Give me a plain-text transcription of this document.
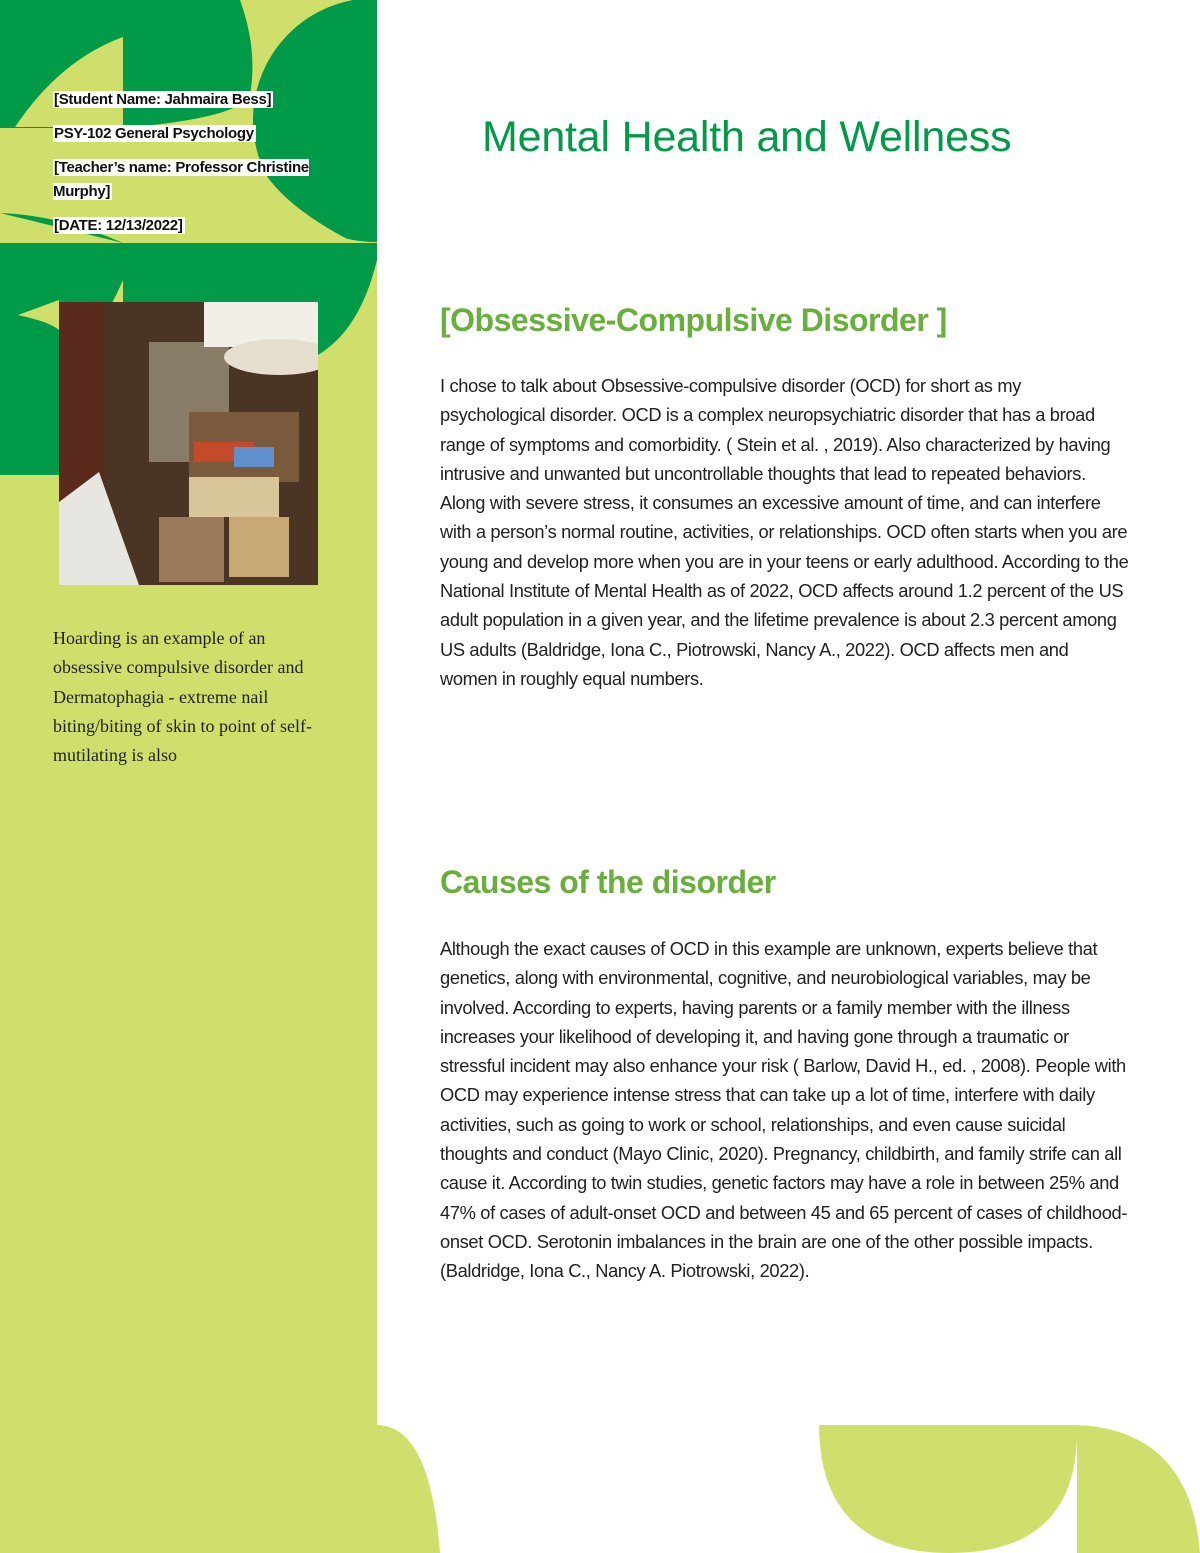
[Student Name: Jahmaira Bess]

PSY-102 General Psychology

[Teacher’s name: Professor Christine Murphy]

[DATE: 12/13/2022]

Hoarding is an example of an obsessive compulsive disorder and Dermatophagia - extreme nail biting/biting of skin to point of self-mutilating is also

Mental Health and Wellness
[Obsessive-Compulsive Disorder ]

I chose to talk about Obsessive-compulsive disorder (OCD) for short as my psychological disorder. OCD is a complex neuropsychiatric disorder that has a broad range of symptoms and comorbidity. ( Stein et al. , 2019). Also characterized by having intrusive and unwanted but uncontrollable thoughts that lead to repeated behaviors. Along with severe stress, it consumes an excessive amount of time, and can interfere with a person’s normal routine, activities, or relationships. OCD often starts when you are young and develop more when you are in your teens or early adulthood. According to the National Institute of Mental Health as of 2022, OCD affects around 1.2 percent of the US adult population in a given year, and the lifetime prevalence is about 2.3 percent among US adults (Baldridge, Iona C., Piotrowski, Nancy A., 2022). OCD affects men and women in roughly equal numbers.

Causes of the disorder

Although the exact causes of OCD in this example are unknown, experts believe that genetics, along with environmental, cognitive, and neurobiological variables, may be involved. According to experts, having parents or a family member with the illness increases your likelihood of developing it, and having gone through a traumatic or stressful incident may also enhance your risk ( Barlow, David H., ed. , 2008). People with OCD may experience intense stress that can take up a lot of time, interfere with daily activities, such as going to work or school, relationships, and even cause suicidal thoughts and conduct (Mayo Clinic, 2020). Pregnancy, childbirth, and family strife can all cause it. According to twin studies, genetic factors may have a role in between 25% and 47% of cases of adult-onset OCD and between 45 and 65 percent of cases of childhood-onset OCD. Serotonin imbalances in the brain are one of the other possible impacts. (Baldridge, Iona C., Nancy A. Piotrowski, 2022).
